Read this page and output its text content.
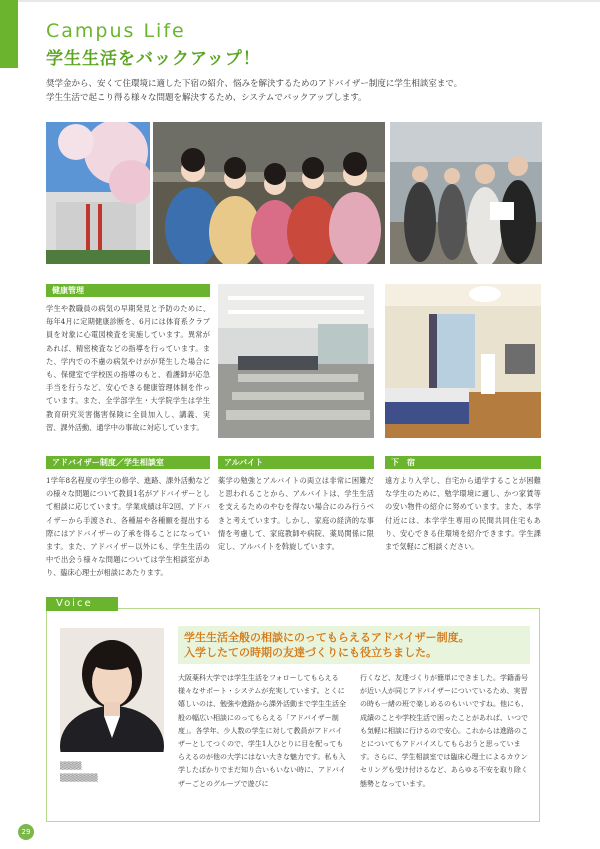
Campus Life
学生生活をバックアップ！
奨学金から、安くて住環境に適した下宿の紹介、悩みを解決するためのアドバイザー制度に学生相談室まで。
学生生活で起こり得る様々な問題を解決するため、システムでバックアップします。
健康管理
学生や教職員の病気の早期発見と予防のために、毎年4月に定期健康診断を、6月には体育系クラブ員を対象に心電図検査を実施しています。異常があれば、精密検査などの指導を行っています。また、学内での不慮の病気やけがが発生した場合にも、保健室で学校医の指導のもと、看護師が応急手当を行うなど、安心できる健康管理体制を作っています。また、全学部学生・大学院学生は学生教育研究災害傷害保険に全員加入し、講義、実習、課外活動、通学中の事故に対応しています。
アドバイザー制度／学生相談室
1学年8名程度の学生の修学、進路、課外活動などの様々な問題について教員1名がアドバイザーとして相談に応じています。学業成績は年2回、アドバイザーから手渡され、各種届や各種願を提出する際にはアドバイザーの了承を得ることになっています。また、アドバイザー以外にも、学生生活の中で出会う様々な問題については学生相談室があり、臨床心理士が相談にあたります。
アルバイト
薬学の勉強とアルバイトの両立は非常に困難だと思われることから、アルバイトは、学生生活を支えるためのやむを得ない場合にのみ行うべきと考えています。しかし、家庭の経済的な事情を考慮して、家庭教師や病院、薬局関係に限定し、アルバイトを斡旋しています。
下　宿
遠方より入学し、自宅から通学することが困難な学生のために、勉学環境に適し、かつ家賃等の安い物件の紹介に努めています。また、本学付近には、本学学生専用の民間共同住宅もあり、安心できる住環境を紹介できます。学生課まで気軽にご相談ください。
Voice
▒▒▒▒
▒▒▒▒▒▒▒
学生生活全般の相談にのってもらえるアドバイザー制度。
入学したての時期の友達づくりにも役立ちました。
大阪薬科大学では学生生活をフォローしてもらえる様々なサポート・システムが充実しています。とくに嬉しいのは、勉強や進路から課外活動まで学生生活全般の幅広い相談にのってもらえる「アドバイザー制度」。各学年、少人数の学生に対して教員がアドバイザーとしてつくので、学生1人ひとりに目を配ってもらえるのが他の大学にはない大きな魅力です。私も入学したばかりでまだ知り合いもいない時に、アドバイザーごとのグループで遊びに
行くなど、友達づくりが簡単にできました。学籍番号が近い人が同じアドバイザーについているため、実習の時も一緒の班で楽しめるのもいいですね。他にも、成績のことや学校生活で困ったことがあれば、いつでも気軽に相談に行けるので安心。これからは進路のことについてもアドバイスしてもらおうと思っています。さらに、学生相談室では臨床心理士によるカウンセリングも受け付けるなど、あらゆる不安を取り除く態勢となっています。
29
